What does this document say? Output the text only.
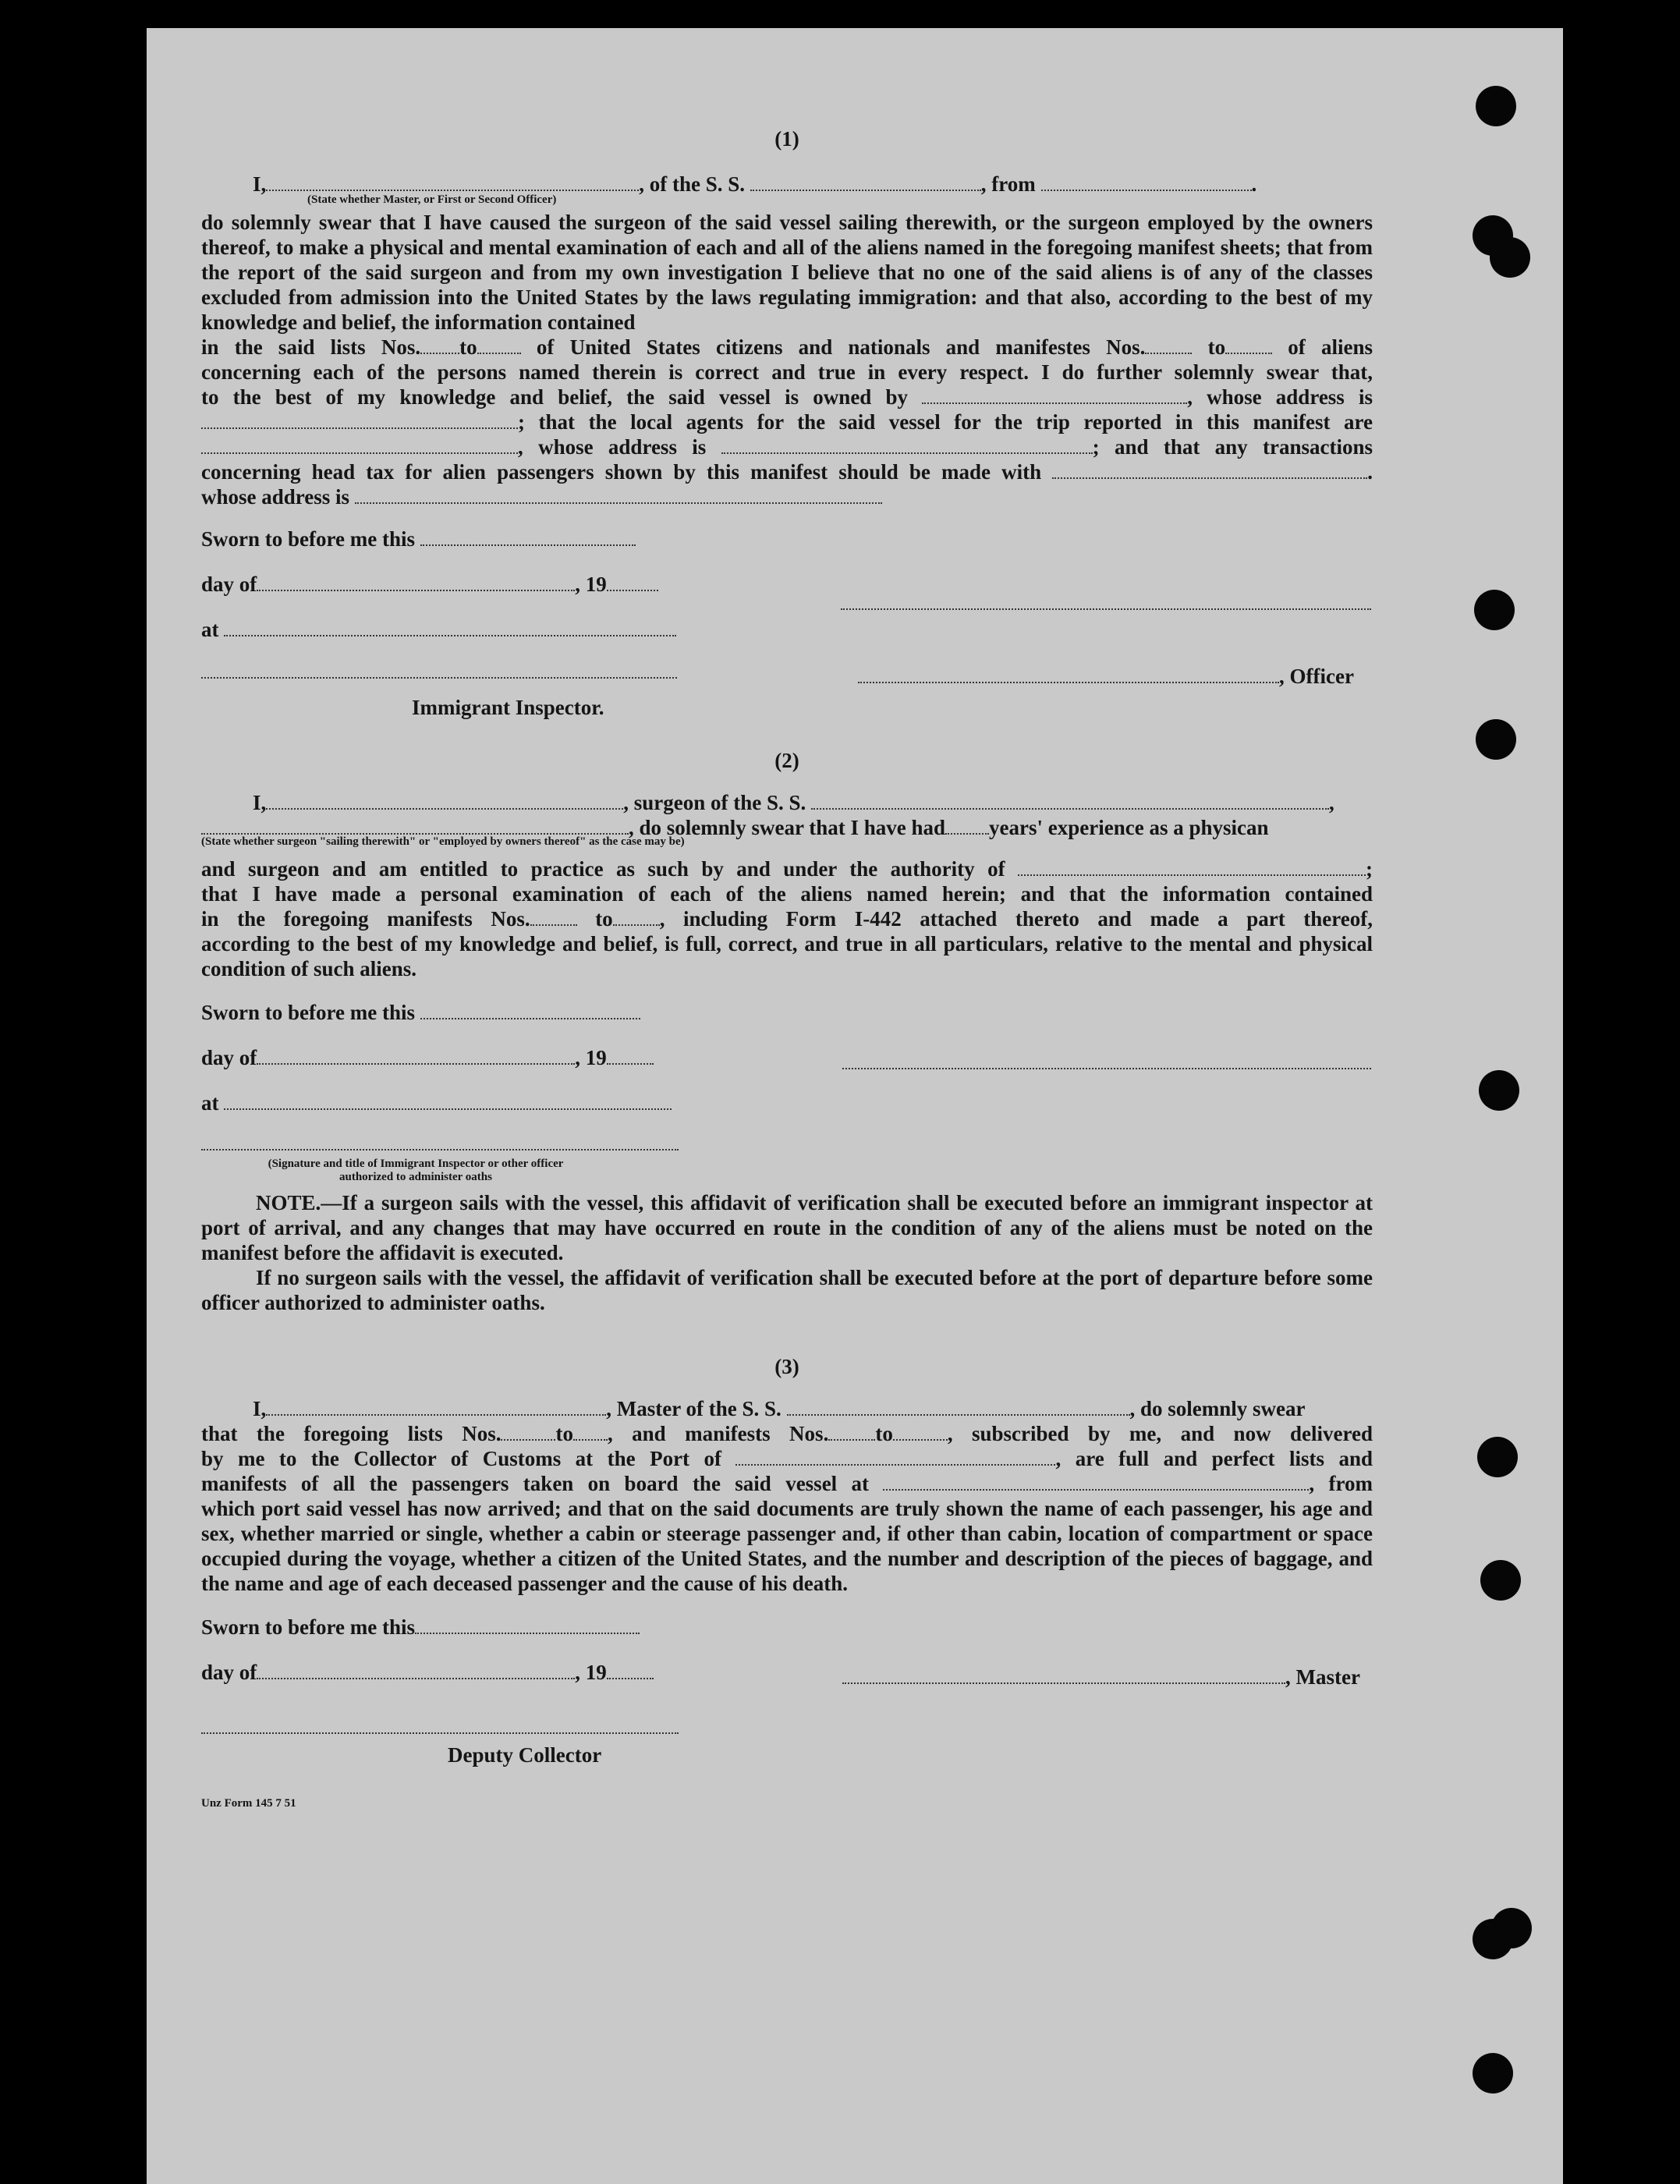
(1)
I,	, of the S. S.	, from	.
(State whether Master, or First or Second Officer)

do solemnly swear that I have caused the surgeon of the said vessel sailing therewith, or the surgeon employed by the owners thereof, to make a physical and mental examination of each and all of the aliens named in the foregoing manifest sheets; that from the report of the said surgeon and from my own investigation I believe that no one of the said aliens is of any of the classes excluded from admission into the United States by the laws regulating immigration: and that also, according to the best of my knowledge and belief, the information contained

in the said lists Nos. to	of United States citizens and nationals and manifestes Nos.	to	of aliens
concerning each of the persons named therein is correct and true in every respect. I do further solemnly swear that,
to the best of my knowledge and belief, the said vessel is owned by	, whose address is
; that the local agents for the said vessel for the trip reported in this manifest are
, whose address is	; and that any transactions
concerning head tax for alien passengers shown by this manifest should be made with	.
whose address is
Sworn to before me this
day of	, 19
at
, Officer
Immigrant Inspector.
(2)
I,	, surgeon of the S. S.	,
, do solemnly swear that I have had years' experience as a physican
(State whether surgeon "sailing therewith" or "employed by owners thereof" as the case may be)
and surgeon and am entitled to practice as such by and under the authority of	;
that I have made a personal examination of each of the aliens named herein; and that the information contained
in the foregoing manifests Nos.	to , including Form I-442 attached thereto and made a part thereof,

according to the best of my knowledge and belief, is full, correct, and true in all particulars, relative to the mental and physical condition of such aliens.

Sworn to before me this
day of	, 19
at
(Signature and title of Immigrant Inspector or other officer authorized to administer oaths

NOTE.—If a surgeon sails with the vessel, this affidavit of verification shall be executed before an immigrant inspector at port of arrival, and any changes that may have occurred en route in the condition of any of the aliens must be noted on the manifest before the affidavit is executed.

If no surgeon sails with the vessel, the affidavit of verification shall be executed before at the port of departure before some officer authorized to administer oaths.

(3)
I,	, Master of the S. S.	, do solemnly swear
that the foregoing lists Nos.	to , and manifests Nos. to	, subscribed by me, and now delivered
by me to the Collector of Customs at the Port of	, are full and perfect lists and
manifests of all the passengers taken on board the said vessel at	, from

which port said vessel has now arrived; and that on the said documents are truly shown the name of each passenger, his age and sex, whether married or single, whether a cabin or steerage passenger and, if other than cabin, location of compartment or space occupied during the voyage, whether a citizen of the United States, and the number and description of the pieces of baggage, and the name and age of each deceased passenger and the cause of his death.

Sworn to before me this
day of	, 19	, Master
Deputy Collector
Unz Form 145 7 51
